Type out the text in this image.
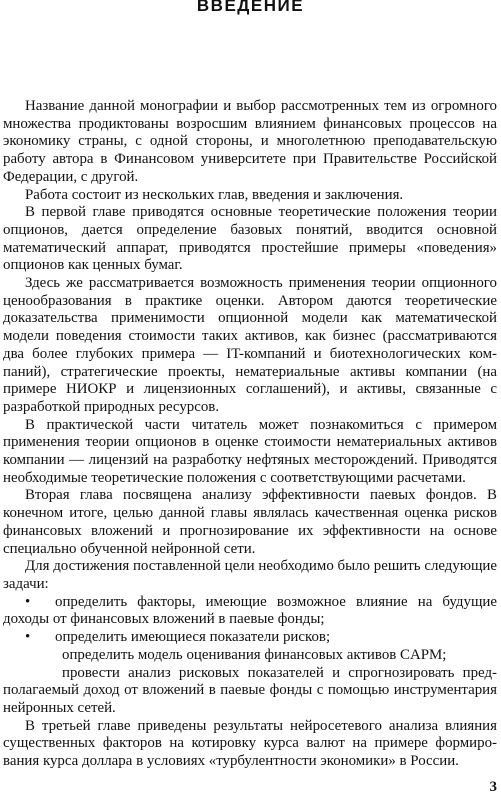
ВВЕДЕНИЕ

Название данной монографии и выбор рассмотренных тем из огромного множества продиктованы возросшим влиянием финансовых процессов на экономику страны, с одной стороны, и многолетнюю преподавательскую работу автора в Финансовом университете при Правительстве Российской Федерации, с другой.

Работа состоит из нескольких глав, введения и заключения.

В первой главе приводятся основные теоретические положения теории опционов, дается определение базовых понятий, вводится основной математический аппарат, приводятся простейшие примеры «поведения» опционов как ценных бумаг.

Здесь же рассматривается возможность применения теории опционного ценообразования в практике оценки. Автором даются теоретические доказательства применимости опционной модели как математической модели поведения стоимости таких активов, как бизнес (рассматриваются два более глубоких примера — IT-компаний и биотехнологических компаний), стратегические проекты, нематериальные активы компании (на примере НИОКР и лицензионных соглашений), и активы, связанные с разработкой природных ресурсов.

В практической части читатель может познакомиться с примером применения теории опционов в оценке стоимости нематериальных активов компании — лицензий на разработку нефтяных месторождений. Приводятся необходимые теоретические положения с соответствующими расчетами.

Вторая глава посвящена анализу эффективности паевых фондов. В конечном итоге, целью данной главы являлась качественная оценка рисков финансовых вложений и прогнозирование их эффективности на основе специально обученной нейронной сети.

Для достижения поставленной цели необходимо было решить следующие задачи:

• определить факторы, имеющие возможное влияние на будущие доходы от финансовых вложений в паевые фонды;

• определить имеющиеся показатели рисков;

определить модель оценивания финансовых активов CAPM;

провести анализ рисковых показателей и спрогнозировать предполагаемый доход от вложений в паевые фонды с помощью инструментария нейронных сетей.

В третьей главе приведены результаты нейросетевого анализа влияния существенных факторов на котировку курса валют на примере формирования курса доллара в условиях «турбулентности экономики» в России.

3
